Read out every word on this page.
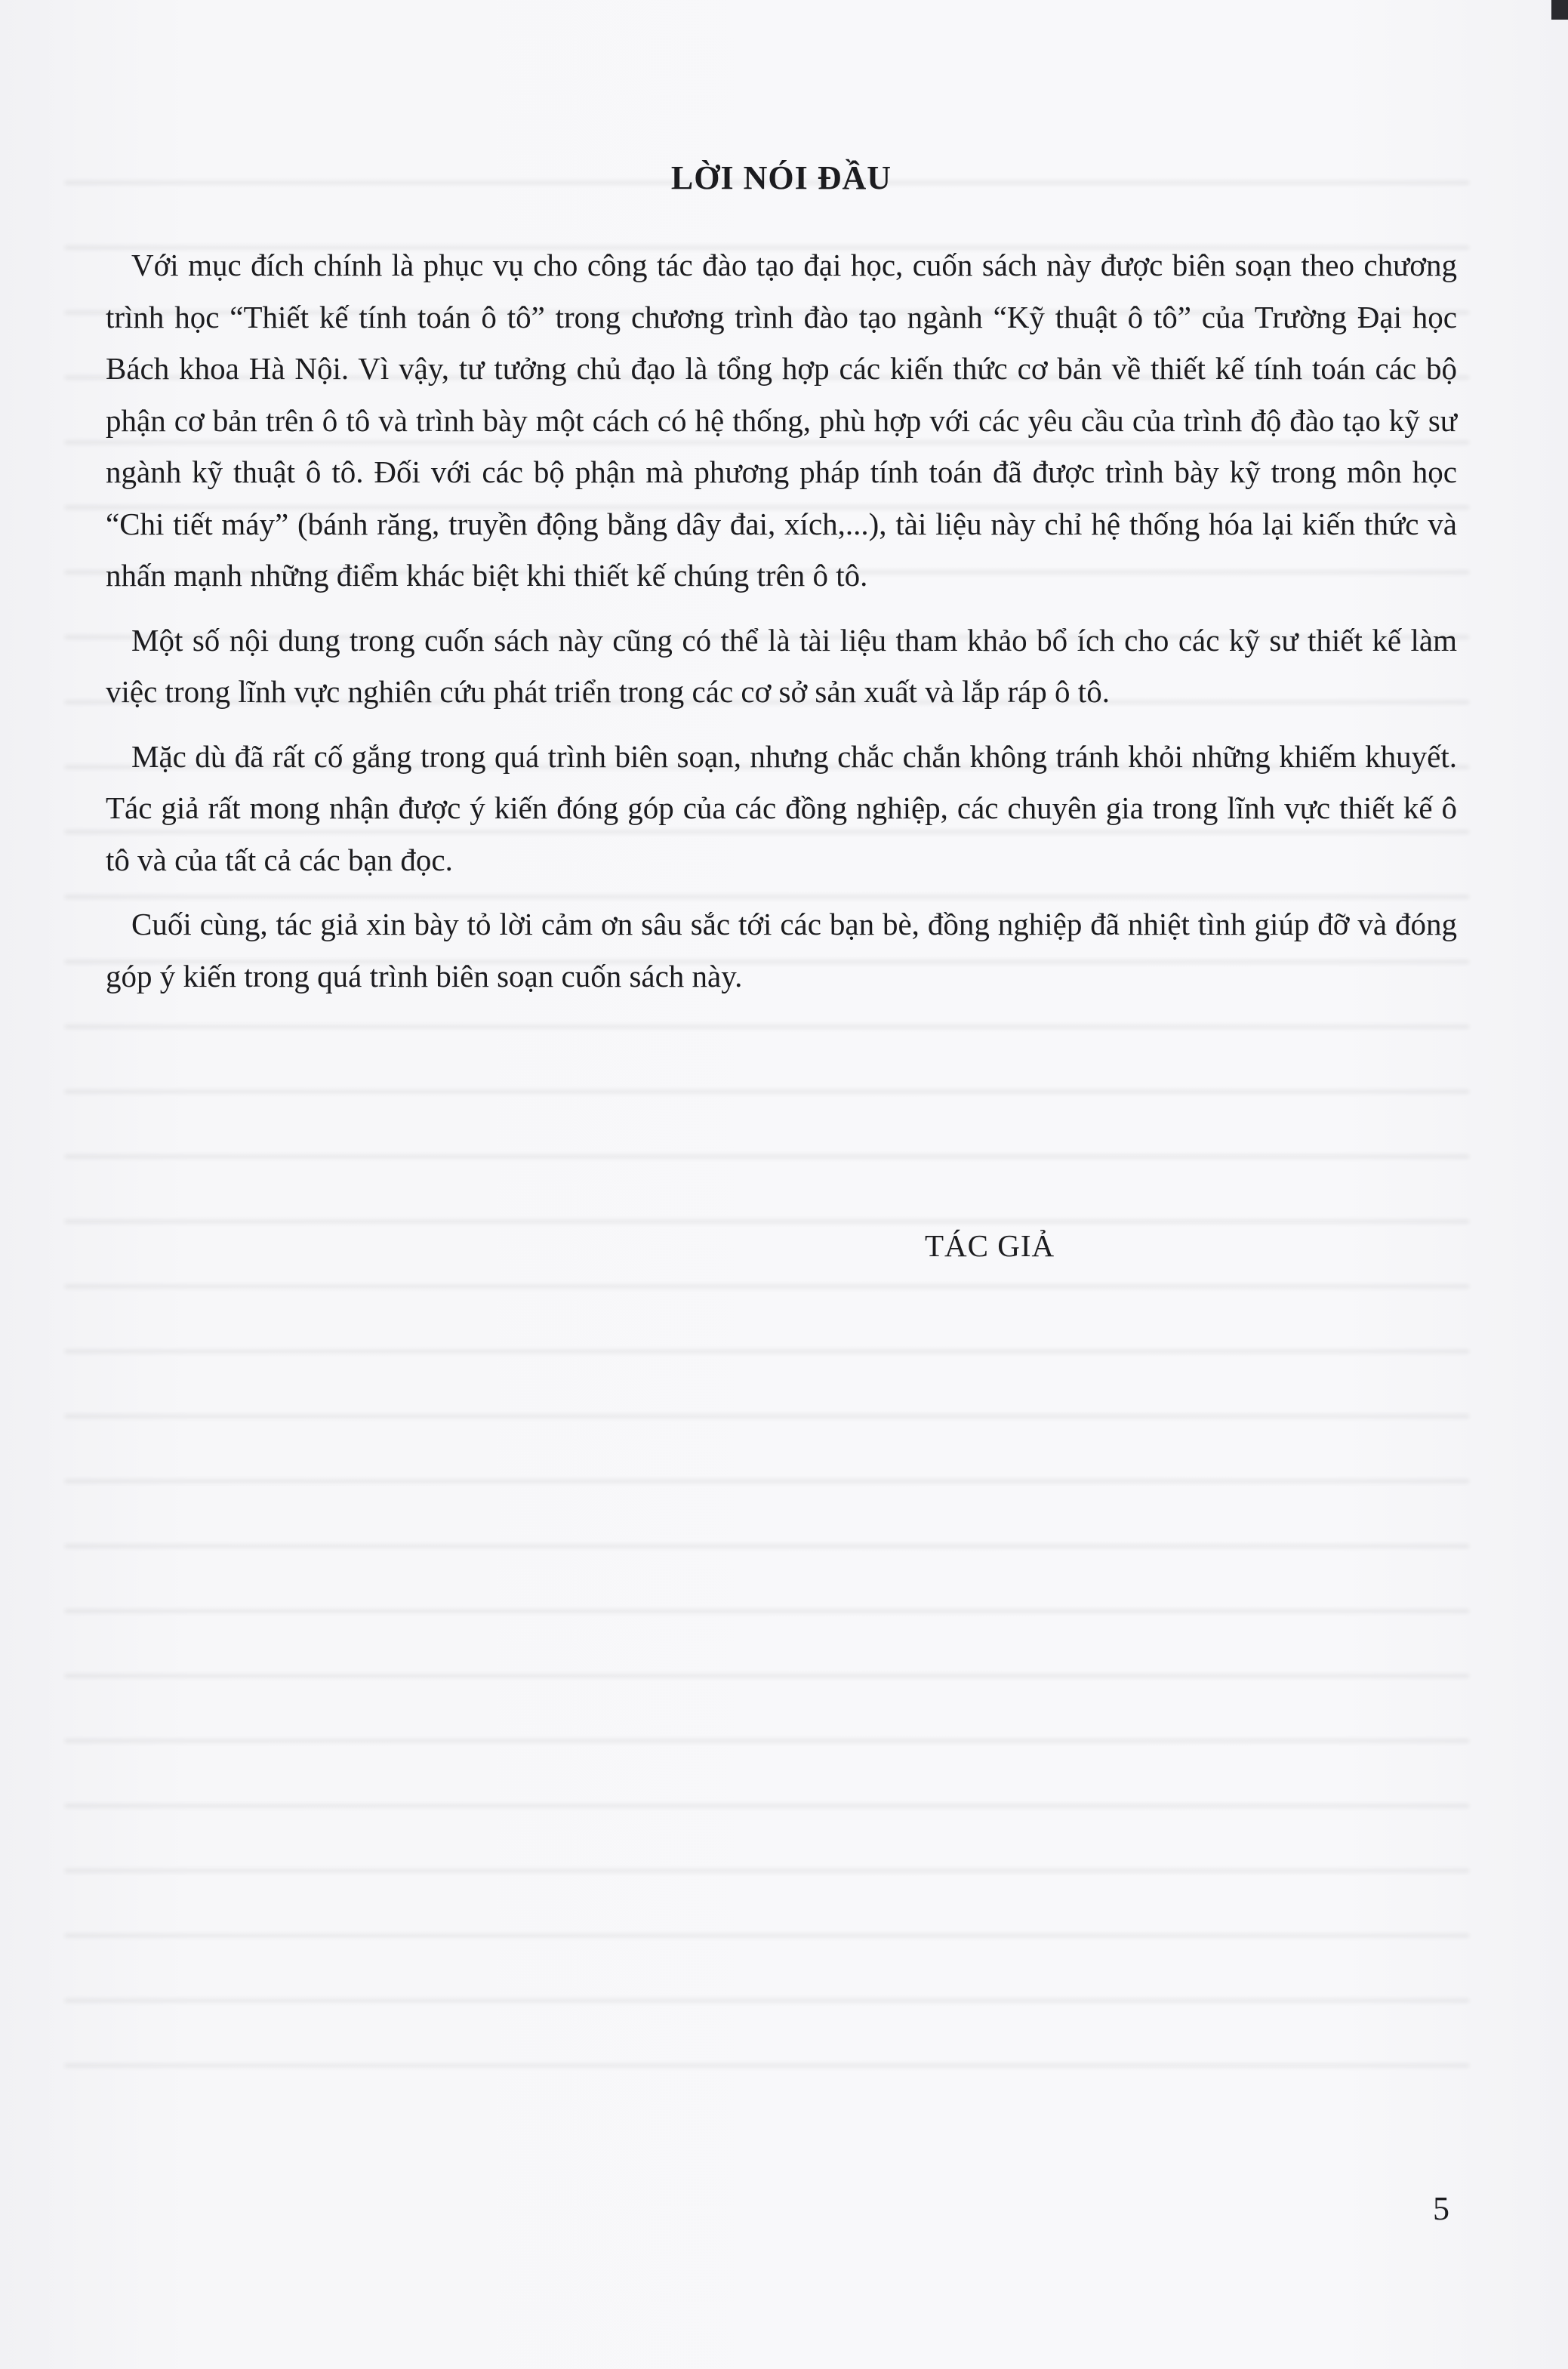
LỜI NÓI ĐẦU

Với mục đích chính là phục vụ cho công tác đào tạo đại học, cuốn sách này được biên soạn theo chương trình học “Thiết kế tính toán ô tô” trong chương trình đào tạo ngành “Kỹ thuật ô tô” của Trường Đại học Bách khoa Hà Nội. Vì vậy, tư tưởng chủ đạo là tổng hợp các kiến thức cơ bản về thiết kế tính toán các bộ phận cơ bản trên ô tô và trình bày một cách có hệ thống, phù hợp với các yêu cầu của trình độ đào tạo kỹ sư ngành kỹ thuật ô tô. Đối với các bộ phận mà phương pháp tính toán đã được trình bày kỹ trong môn học “Chi tiết máy” (bánh răng, truyền động bằng dây đai, xích,...), tài liệu này chỉ hệ thống hóa lại kiến thức và nhấn mạnh những điểm khác biệt khi thiết kế chúng trên ô tô.

Một số nội dung trong cuốn sách này cũng có thể là tài liệu tham khảo bổ ích cho các kỹ sư thiết kế làm việc trong lĩnh vực nghiên cứu phát triển trong các cơ sở sản xuất và lắp ráp ô tô.

Mặc dù đã rất cố gắng trong quá trình biên soạn, nhưng chắc chắn không tránh khỏi những khiếm khuyết. Tác giả rất mong nhận được ý kiến đóng góp của các đồng nghiệp, các chuyên gia trong lĩnh vực thiết kế ô tô và của tất cả các bạn đọc.

Cuối cùng, tác giả xin bày tỏ lời cảm ơn sâu sắc tới các bạn bè, đồng nghiệp đã nhiệt tình giúp đỡ và đóng góp ý kiến trong quá trình biên soạn cuốn sách này.

TÁC GIẢ
5
